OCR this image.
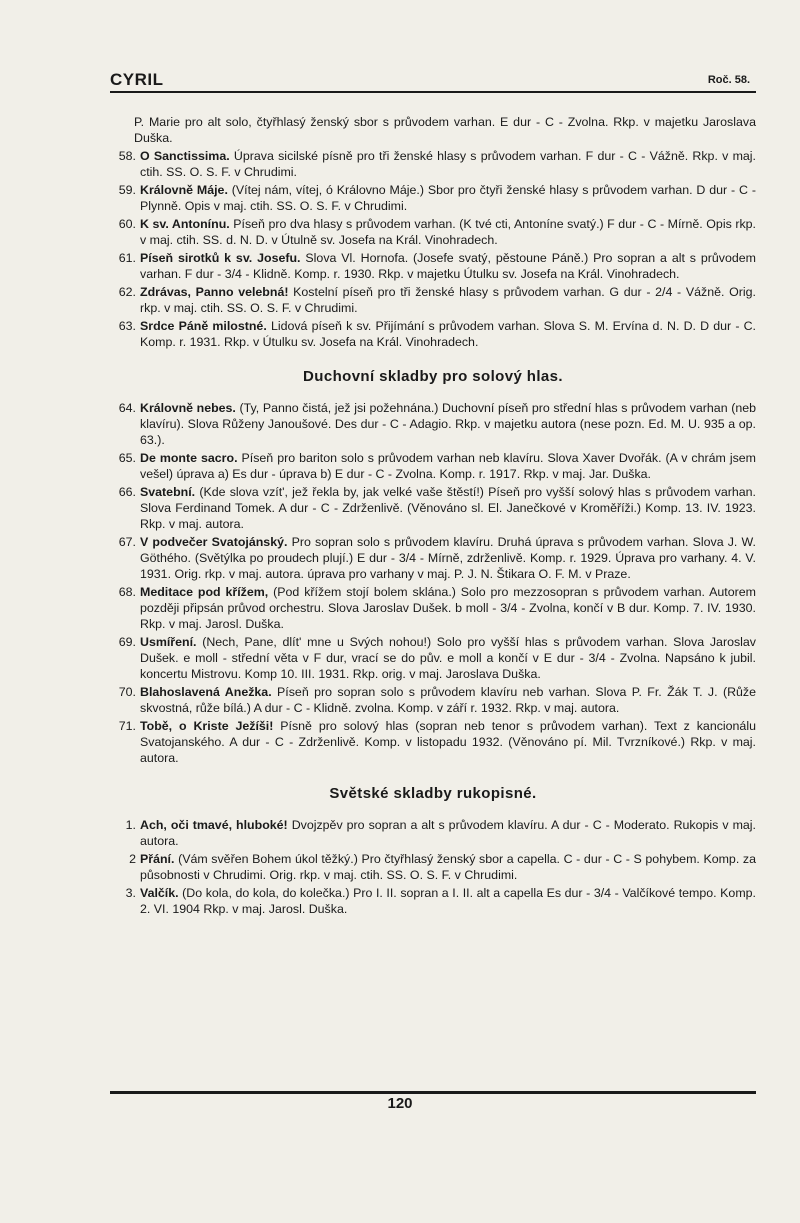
CYRIL	Roč. 58.
P. Marie pro alt solo, čtyřhlasý ženský sbor s průvodem varhan. E dur - C - Zvolna. Rkp. v majetku Jaroslava Duška.
58. O Sanctissima. Úprava sicilské písně pro tři ženské hlasy s průvodem varhan. F dur - C - Vážně. Rkp. v maj. ctih. SS. O. S. F. v Chrudimi.
59. Královně Máje. (Vítej nám, vítej, ó Královno Máje.) Sbor pro čtyři ženské hlasy s průvodem varhan. D dur - C - Plynně. Opis v maj. ctih. SS. O. S. F. v Chrudimi.
60. K sv. Antonínu. Píseň pro dva hlasy s průvodem varhan. (K tvé cti, Antoníne svatý.) F dur - C - Mírně. Opis rkp. v maj. ctih. SS. d. N. D. v Útulně sv. Josefa na Král. Vinohradech.
61. Píseň sirotků k sv. Josefu. Slova Vl. Hornofa. (Josefe svatý, pěstoune Páně.) Pro sopran a alt s průvodem varhan. F dur - 3/4 - Klidně. Komp. r. 1930. Rkp. v majetku Útulku sv. Josefa na Král. Vinohradech.
62. Zdrávas, Panno velebná! Kostelní píseň pro tři ženské hlasy s průvodem varhan. G dur - 2/4 - Vážně. Orig. rkp. v maj. ctih. SS. O. S. F. v Chrudimi.
63. Srdce Páně milostné. Lidová píseň k sv. Přijímání s průvodem varhan. Slova S. M. Ervína d. N. D. D dur - C. Komp. r. 1931. Rkp. v Útulku sv. Josefa na Král. Vinohradech.
Duchovní skladby pro solový hlas.
64. Královně nebes. (Ty, Panno čistá, jež jsi požehnána.) Duchovní píseň pro střední hlas s průvodem varhan (neb klavíru). Slova Růženy Janoušové. Des dur - C - Adagio. Rkp. v majetku autora (nese pozn. Ed. M. U. 935 a op. 63.).
65. De monte sacro. Píseň pro bariton solo s průvodem varhan neb klavíru. Slova Xaver Dvořák. (A v chrám jsem vešel) úprava a) Es dur - úprava b) E dur - C - Zvolna. Komp. r. 1917. Rkp. v maj. Jar. Duška.
66. Svatební. (Kde slova vzít', jež řekla by, jak velké vaše štěstí!) Píseň pro vyšší solový hlas s průvodem varhan. Slova Ferdinand Tomek. A dur - C - Zdrženlivě. (Věnováno sl. El. Janečkové v Kroměříži.) Komp. 13. IV. 1923. Rkp. v maj. autora.
67. V podvečer Svatojánský. Pro sopran solo s průvodem klavíru. Druhá úprava s průvodem varhan. Slova J. W. Göthého. (Světýlka po proudech plují.) E dur - 3/4 - Mírně, zdrženlivě. Komp. r. 1929. Úprava pro varhany. 4. V. 1931. Orig. rkp. v maj. autora. úprava pro varhany v maj. P. J. N. Štikara O. F. M. v Praze.
68. Meditace pod křížem, (Pod křížem stojí bolem sklána.) Solo pro mezzosopran s průvodem varhan. Autorem později připsán průvod orchestru. Slova Jaroslav Dušek. b moll - 3/4 - Zvolna, končí v B dur. Komp. 7. IV. 1930. Rkp. v maj. Jarosl. Duška.
69. Usmíření. (Nech, Pane, dlít' mne u Svých nohou!) Solo pro vyšší hlas s průvodem varhan. Slova Jaroslav Dušek. e moll - střední věta v F dur, vrací se do pův. e moll a končí v E dur - 3/4 - Zvolna. Napsáno k jubil. koncertu Mistrovu. Komp 10. III. 1931. Rkp. orig. v maj. Jaroslava Duška.
70. Blahoslavená Anežka. Píseň pro sopran solo s průvodem klavíru neb varhan. Slova P. Fr. Žák T. J. (Růže skvostná, růže bílá.) A dur - C - Klidně. zvolna. Komp. v září r. 1932. Rkp. v maj. autora.
71. Tobě, o Kriste Ježíši! Písně pro solový hlas (sopran neb tenor s průvodem varhan). Text z kancionálu Svatojanského. A dur - C - Zdrženlivě. Komp. v listopadu 1932. (Věnováno pí. Mil. Tvrzníkové.) Rkp. v maj. autora.
Světské skladby rukopisné.
1. Ach, oči tmavé, hluboké! Dvojzpěv pro sopran a alt s průvodem klavíru. A dur - C - Moderato. Rukopis v maj. autora.
2 Přání. (Vám svěřen Bohem úkol těžký.) Pro čtyřhlasý ženský sbor a capella. C - dur - C - S pohybem. Komp. za působnosti v Chrudimi. Orig. rkp. v maj. ctih. SS. O. S. F. v Chrudimi.
3. Valčík. (Do kola, do kola, do kolečka.) Pro I. II. sopran a I. II. alt a capella Es dur - 3/4 - Valčíkové tempo. Komp. 2. VI. 1904 Rkp. v maj. Jarosl. Duška.
120
